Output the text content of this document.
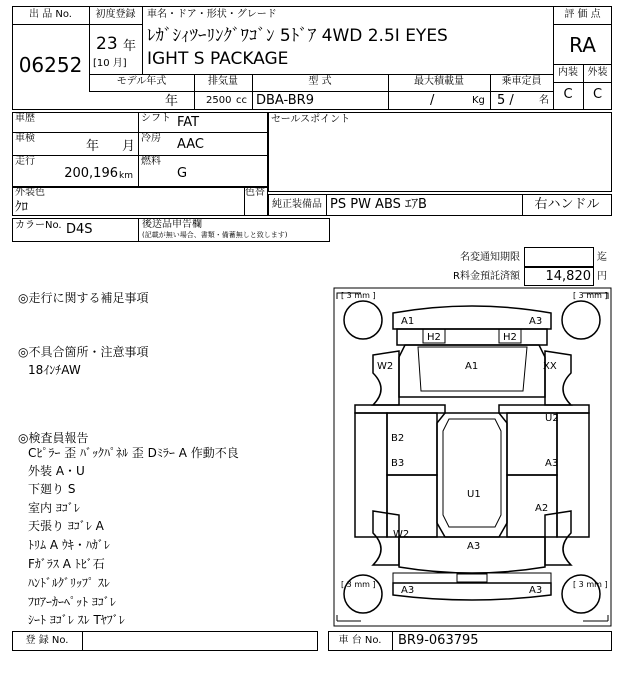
出 品 No.
06252
初度登録
23 年
[10 月]
車名・ドア・形状・グレード
ﾚｶﾞｼｨﾂｰﾘﾝｸﾞﾜｺﾞﾝ 5ﾄﾞｱ 4WD 2.5I EYES
IGHT S PACKAGE
評 価 点
RA
内装 外装
C	C
モデル年式
年
排気量
2500 cc
型 式
DBA-BR9
最大積載量
/	Kg
乗車定員
5 /	名
車歴	シフト FAT
車検
年 月
冷房 AAC
走行
200,196 km
燃料
G
セールスポイント
外装色
ｸﾛ
色替
純正装備品 PS PW ABS ｴｱB	右ハンドル
カラーNo. D4S	後送品申告欄
(記載が無い場合、書類・備蓄無しと致します)
名変通知期限	迄
R料金預託済額	14,820 円
◎走行に関する補足事項
◎不具合箇所・注意事項
18ｲﾝﾁAW
◎検査員報告
Cﾋﾟﾗｰ 歪 ﾊﾞｯｸﾊﾟﾈﾙ 歪 Dﾐﾗｰ A 作動不良
外装 A・U
下廻り S
室内 ﾖｺﾞﾚ
天張り ﾖｺﾞﾚ A
ﾄﾘﾑ A ｳｷ・ﾊｶﾞﾚ
Fｶﾞﾗｽ A ﾄﾋﾞ石
ﾊﾝﾄﾞﾙｸﾞﾘｯﾌﾟ ｽﾚ
ﾌﾛｱｰｶｰﾍﾟｯﾄ ﾖｺﾞﾚ
ｼｰﾄ ﾖｺﾞﾚ ｽﾚ Tﾔﾌﾞﾚ
[ 3 mm ]	[ 3 mm ]
[ 3 mm ]	[ 3 mm ]
A1	A3
H2	H2
W2	A1	XX
U2
B2
B3	A3
U1
A2
W2
A3
A3	A3
登 録 No.	車 台 No.	BR9-063795
